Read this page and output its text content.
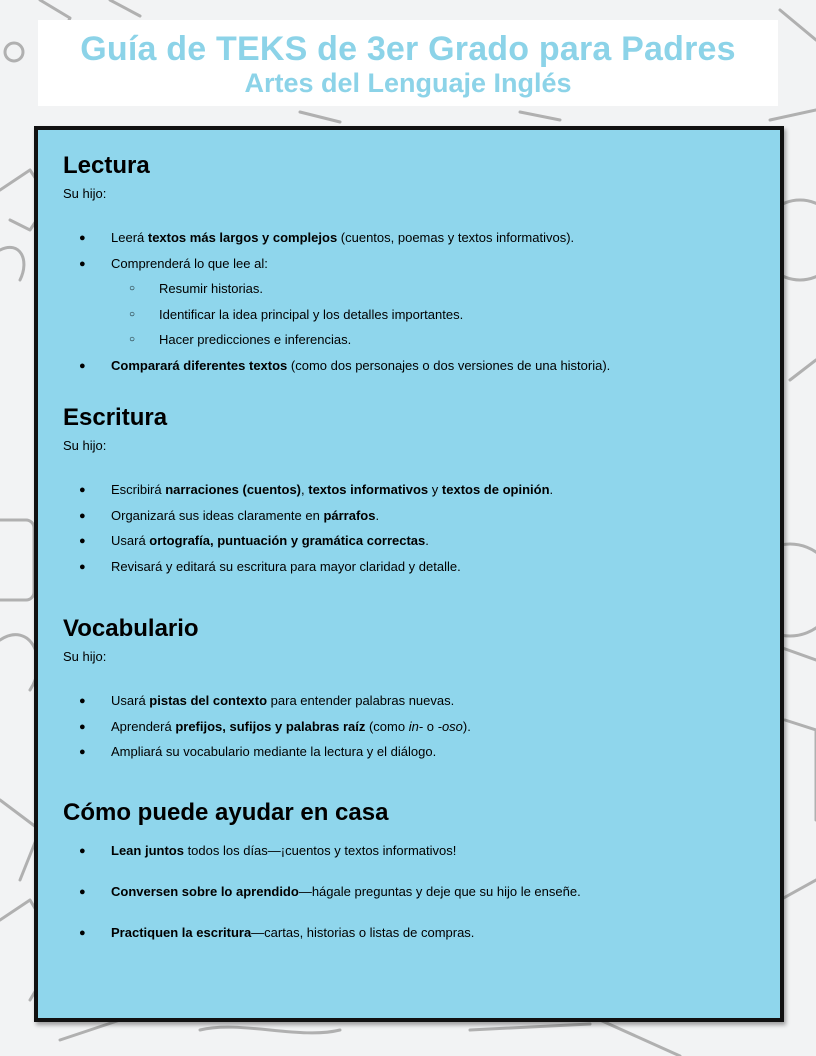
Guía de TEKS de 3er Grado para Padres
Artes del Lenguaje Inglés
Lectura

Su hijo:

●	Leerá textos más largos y complejos (cuentos, poemas y textos informativos).
●	Comprenderá lo que lee al:
○	Resumir historias.
○	Identificar la idea principal y los detalles importantes.
○	Hacer predicciones e inferencias.
●	Comparará diferentes textos (como dos personajes o dos versiones de una historia).
Escritura

Su hijo:

●	Escribirá narraciones (cuentos), textos informativos y textos de opinión.
●	Organizará sus ideas claramente en párrafos.
●	Usará ortografía, puntuación y gramática correctas.
●	Revisará y editará su escritura para mayor claridad y detalle.
Vocabulario

Su hijo:

●	Usará pistas del contexto para entender palabras nuevas.
●	Aprenderá prefijos, sufijos y palabras raíz (como in- o -oso).
●	Ampliará su vocabulario mediante la lectura y el diálogo.
Cómo puede ayudar en casa
●	Lean juntos todos los días—¡cuentos y textos informativos!
●	Conversen sobre lo aprendido—hágale preguntas y deje que su hijo le enseñe.
●	Practiquen la escritura—cartas, historias o listas de compras.
